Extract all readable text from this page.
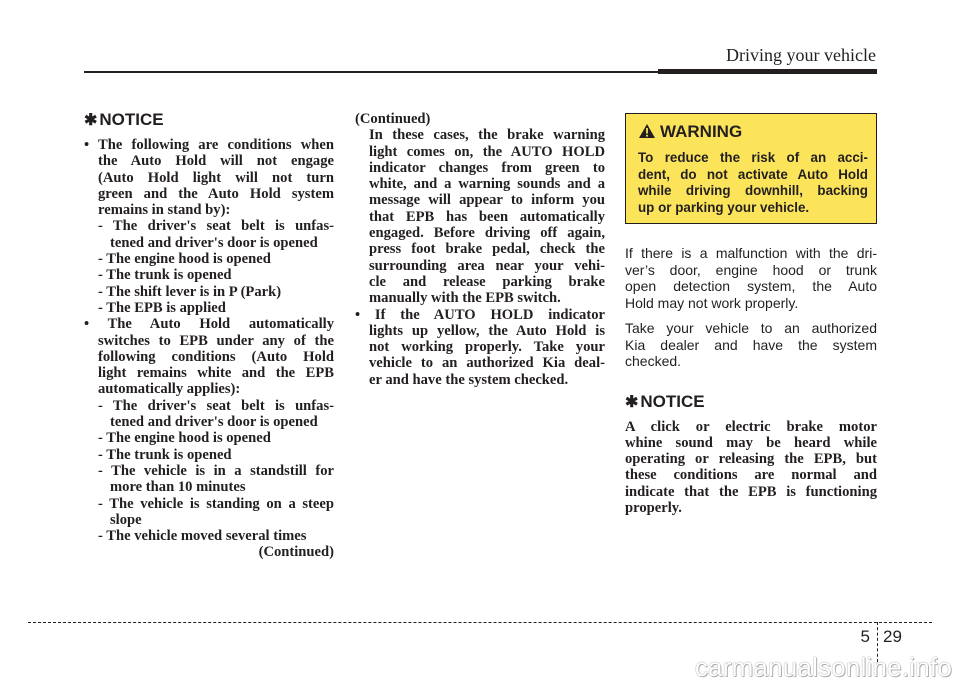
Driving your vehicle
✱ NOTICE
• The following are conditions when
the Auto Hold will not engage
(Auto Hold light will not turn
green and the Auto Hold system
remains in stand by):
- The driver's seat belt is unfas-
tened and driver's door is opened
- The engine hood is opened
- The trunk is opened
- The shift lever is in P (Park)
- The EPB is applied
• The Auto Hold automatically
switches to EPB under any of the
following conditions (Auto Hold
light remains white and the EPB
automatically applies):
- The driver's seat belt is unfas-
tened and driver's door is opened
- The engine hood is opened
- The trunk is opened
- The vehicle is in a standstill for
more than 10 minutes
- The vehicle is standing on a steep
slope
- The vehicle moved several times
(Continued)
(Continued)
In these cases, the brake warning
light comes on, the AUTO HOLD
indicator changes from green to
white, and a warning sounds and a
message will appear to inform you
that EPB has been automatically
engaged. Before driving off again,
press foot brake pedal, check the
surrounding area near your vehi-
cle and release parking brake
manually with the EPB switch.
• If the AUTO HOLD indicator
lights up yellow, the Auto Hold is
not working properly. Take your
vehicle to an authorized Kia deal-
er and have the system checked.
WARNING
To reduce the risk of an acci-
dent, do not activate Auto Hold
while driving downhill, backing
up or parking your vehicle.
If there is a malfunction with the dri-
ver’s door, engine hood or trunk
open detection system, the Auto
Hold may not work properly.
Take your vehicle to an authorized
Kia dealer and have the system
checked.
✱ NOTICE
A click or electric brake motor
whine sound may be heard while
operating or releasing the EPB, but
these conditions are normal and
indicate that the EPB is functioning
properly.
5 29
carmanualsonline.info
